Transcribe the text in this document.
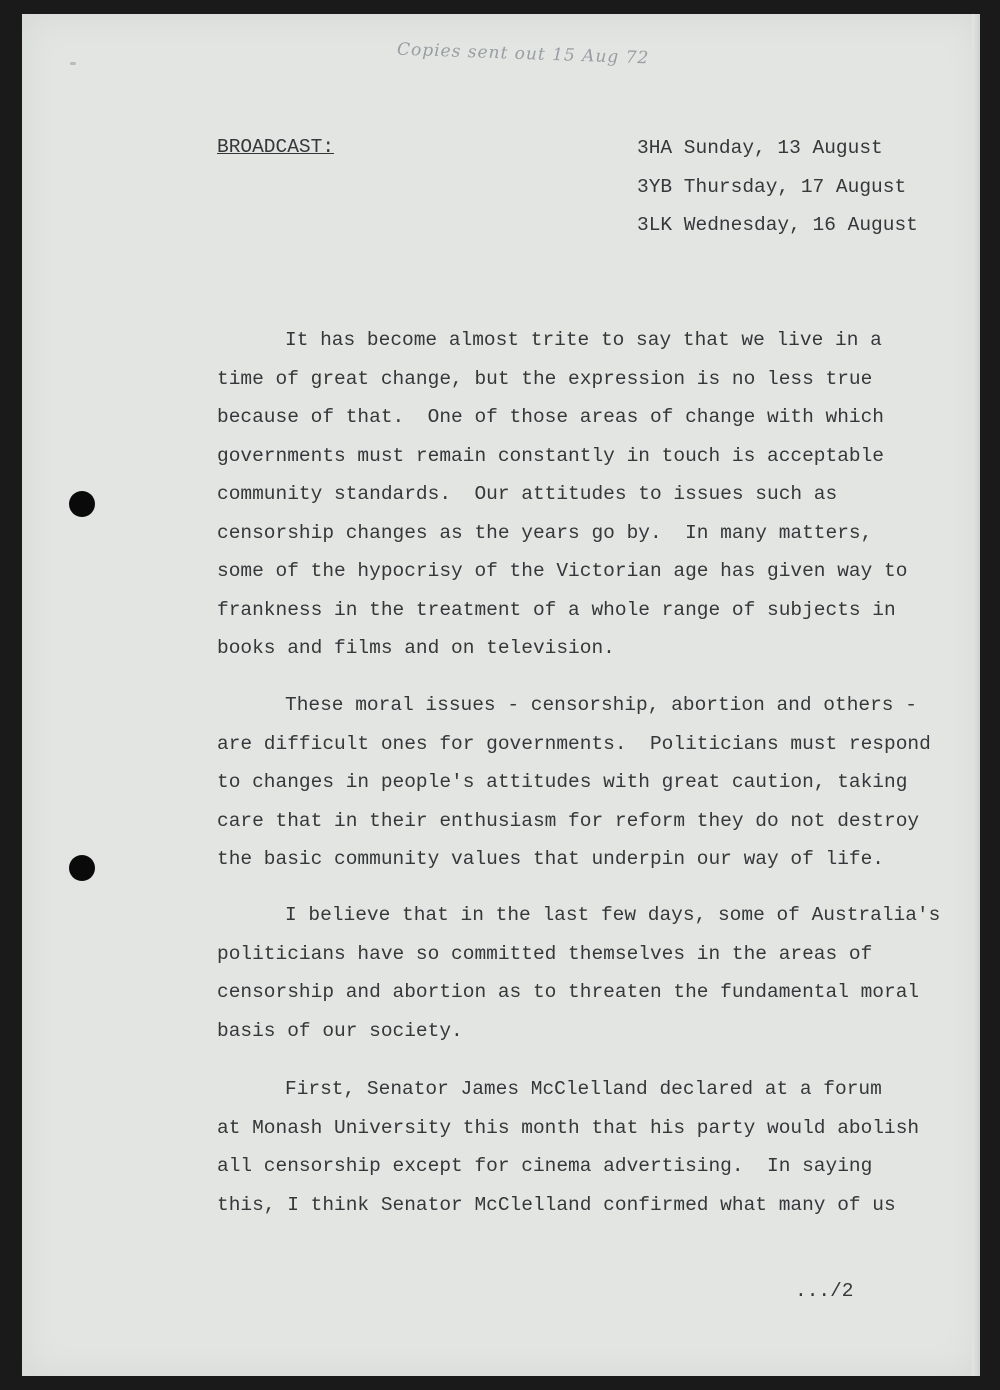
Copies sent out 15 Aug 72
BROADCAST:	3HA Sunday, 13 August
3YB Thursday, 17 August
3LK Wednesday, 16 August
It has become almost trite to say that we live in a
time of great change, but the expression is no less true
because of that.  One of those areas of change with which
governments must remain constantly in touch is acceptable
community standards.  Our attitudes to issues such as
censorship changes as the years go by.  In many matters,
some of the hypocrisy of the Victorian age has given way to
frankness in the treatment of a whole range of subjects in
books and films and on television.
These moral issues - censorship, abortion and others -
are difficult ones for governments.  Politicians must respond
to changes in people's attitudes with great caution, taking
care that in their enthusiasm for reform they do not destroy
the basic community values that underpin our way of life.
I believe that in the last few days, some of Australia's
politicians have so committed themselves in the areas of
censorship and abortion as to threaten the fundamental moral
basis of our society.
First, Senator James McClelland declared at a forum
at Monash University this month that his party would abolish
all censorship except for cinema advertising.  In saying
this, I think Senator McClelland confirmed what many of us
.../2
